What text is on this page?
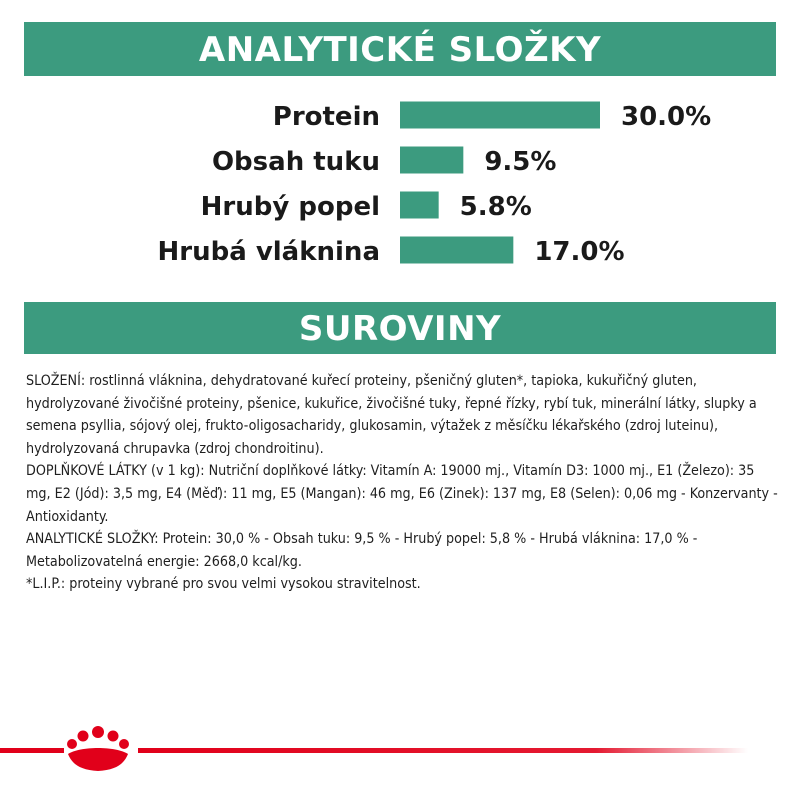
ANALYTICKÉ SLOŽKY
Protein	30.0%
Obsah tuku	9.5%
Hrubý popel	5.8%
Hrubá vláknina	17.0%
SUROVINY

SLOŽENÍ: rostlinná vláknina, dehydratované kuřecí proteiny, pšeničný gluten*, tapioka, kukuřičný gluten, hydrolyzované živočišné proteiny, pšenice, kukuřice, živočišné tuky, řepné řízky, rybí tuk, minerální látky, slupky a semena psyllia, sójový olej, frukto-oligosacharidy, glukosamin, výtažek z měsíčku lékařského (zdroj luteinu), hydrolyzovaná chrupavka (zdroj chondroitinu).

DOPLŇKOVÉ LÁTKY (v 1 kg): Nutriční doplňkové látky: Vitamín A: 19000 mj., Vitamín D3: 1000 mj., E1 (Železo): 35 mg, E2 (Jód): 3,5 mg, E4 (Měď): 11 mg, E5 (Mangan): 46 mg, E6 (Zinek): 137 mg, E8 (Selen): 0,06 mg - Konzervanty - Antioxidanty.

ANALYTICKÉ SLOŽKY: Protein: 30,0 % - Obsah tuku: 9,5 % - Hrubý popel: 5,8 % - Hrubá vláknina: 17,0 % - Metabolizovatelná energie: 2668,0 kcal/kg.

*L.I.P.: proteiny vybrané pro svou velmi vysokou stravitelnost.
